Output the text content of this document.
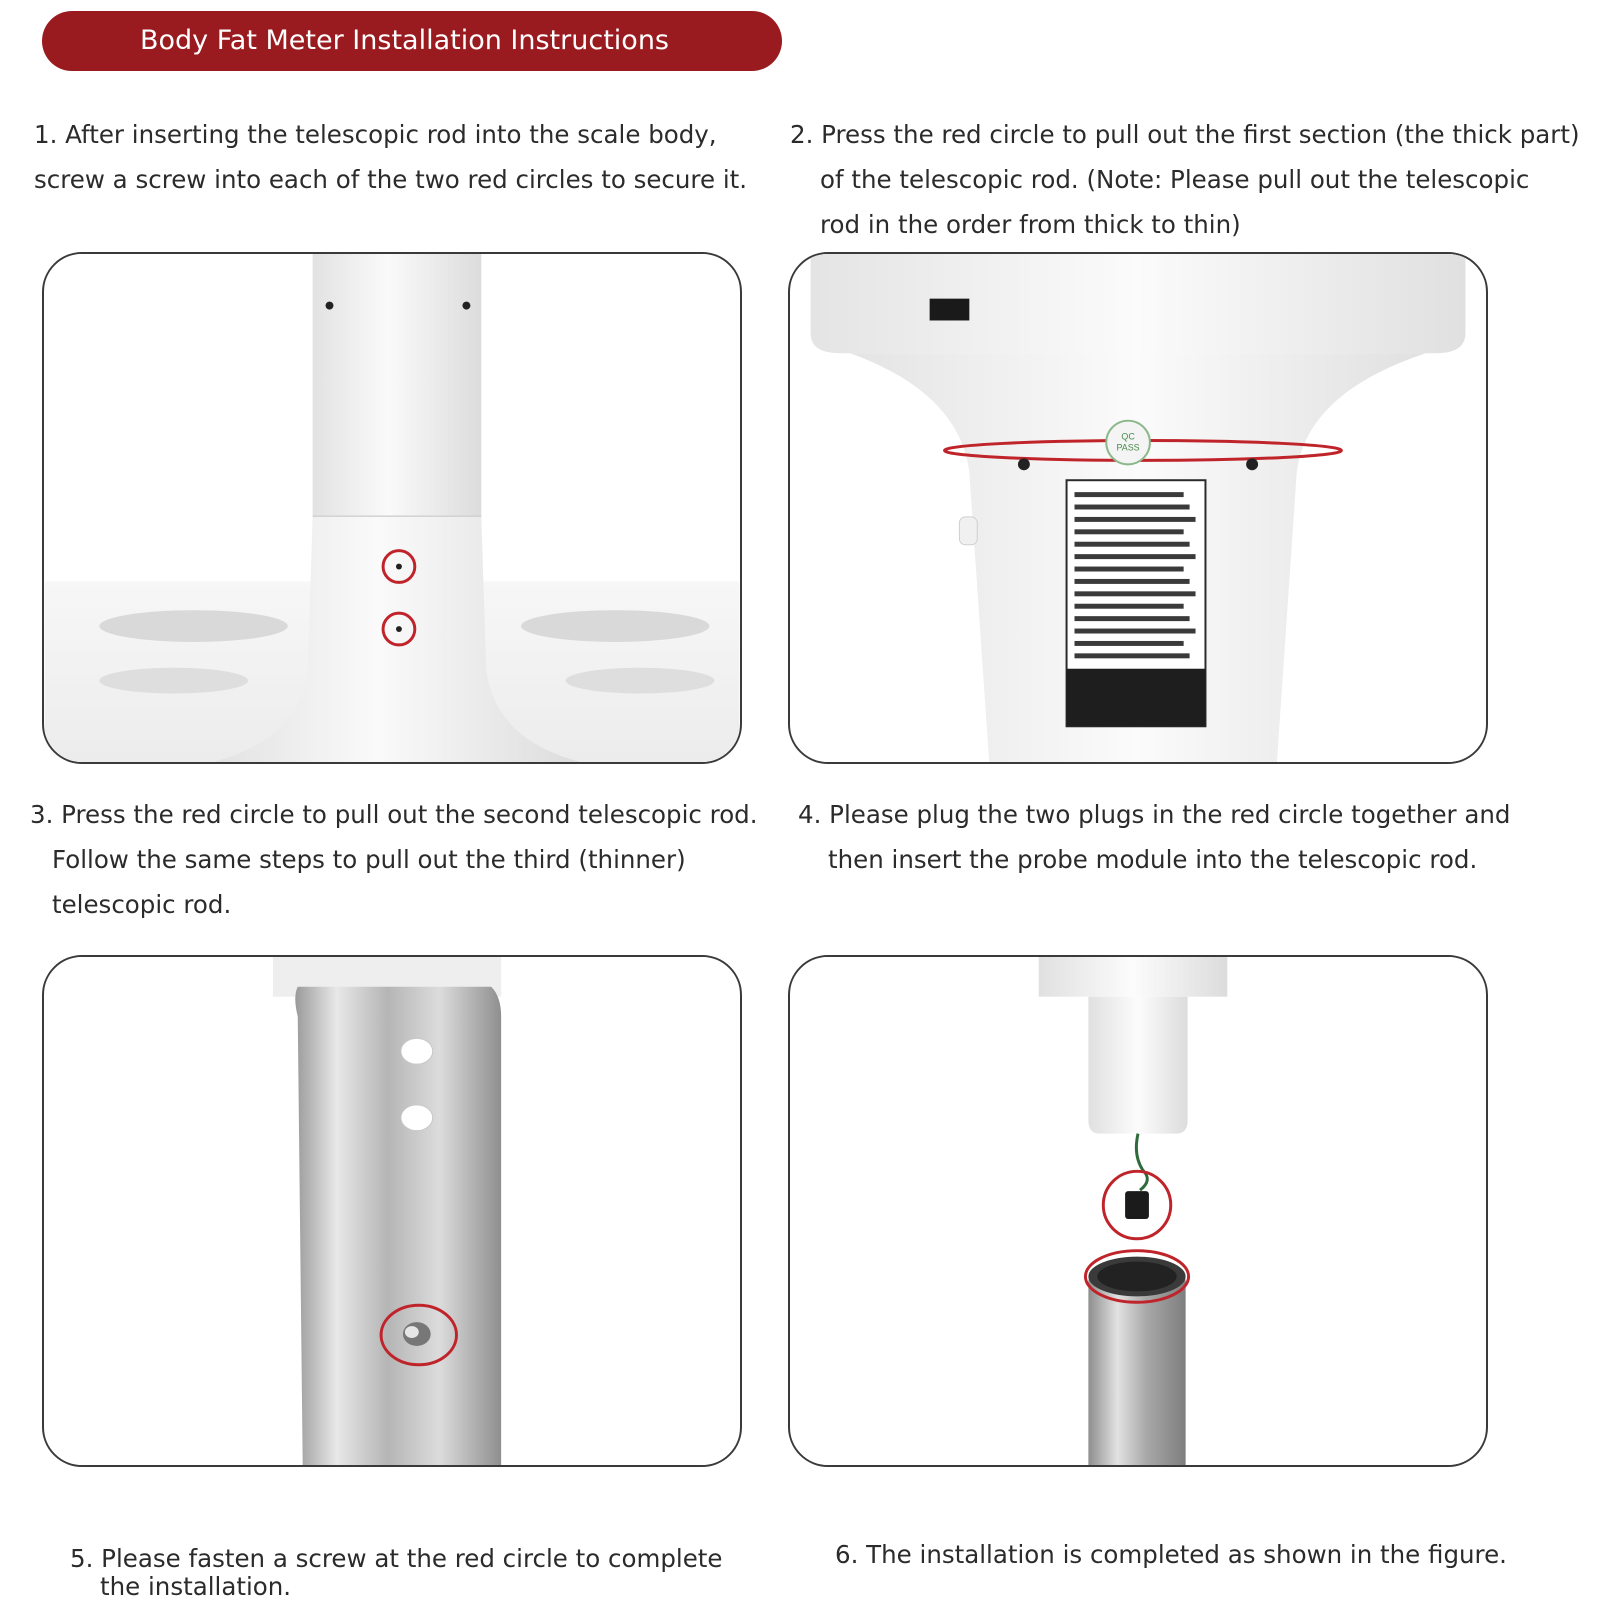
Body Fat Meter Installation Instructions
1. After inserting the telescopic rod into the scale body,
screw a screw into each of the two red circles to secure it.
2. Press the red circle to pull out the first section (the thick part)
of the telescopic rod. (Note: Please pull out the telescopic
rod in the order from thick to thin)
QC
PASS
3. Press the red circle to pull out the second telescopic rod.
Follow the same steps to pull out the third (thinner)
telescopic rod.
4. Please plug the two plugs in the red circle together and
then insert the probe module into the telescopic rod.
5. Please fasten a screw at the red circle to complete	6. The installation is completed as shown in the figure.
the installation.
